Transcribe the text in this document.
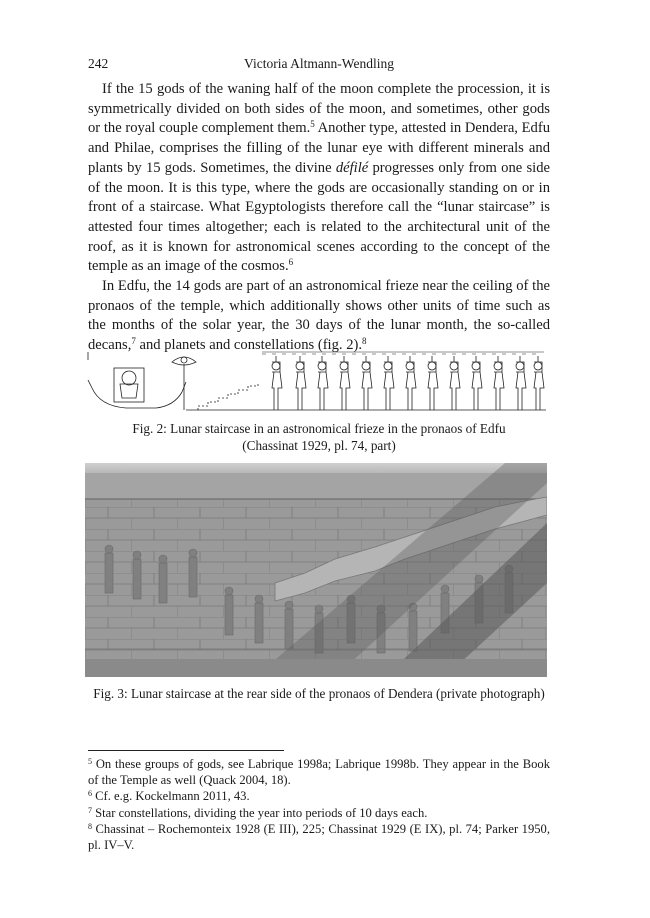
242	Victoria Altmann-Wendling

If the 15 gods of the waning half of the moon complete the procession, it is symmetrically divided on both sides of the moon, and sometimes, other gods or the royal couple complement them.$^5$ Another type, attested in Dendera, Edfu and Philae, comprises the filling of the lunar eye with different minerals and plants by 15 gods. Sometimes, the divine défilé progresses only from one side of the moon. It is this type, where the gods are occasionally standing on or in front of a staircase. What Egyptologists therefore call the “lunar staircase” is attested four times altogether; each is related to the architectural unit of the roof, as it is known for astronomical scenes according to the concept of the temple as an image of the cosmos.$^6$

In Edfu, the 14 gods are part of an astronomical frieze near the ceiling of the pronaos of the temple, which additionally shows other units of time such as the months of the solar year, the 30 days of the lunar month, the so-called decans,$^7$ and planets and constellations (fig. 2).$^8$

Fig. 2: Lunar staircase in an astronomical frieze in the pronaos of Edfu
(Chassinat 1929, pl. 74, part)
Fig. 3: Lunar staircase at the rear side of the pronaos of Dendera (private photograph)

$^5$ On these groups of gods, see Labrique 1998a; Labrique 1998b. They appear in the Book of the Temple as well (Quack 2004, 18).

$^6$ Cf. e.g. Kockelmann 2011, 43.

$^7$ Star constellations, dividing the year into periods of 10 days each.

$^8$ Chassinat – Rochemonteix 1928 (E III), 225; Chassinat 1929 (E IX), pl. 74; Parker 1950, pl. IV–V.
